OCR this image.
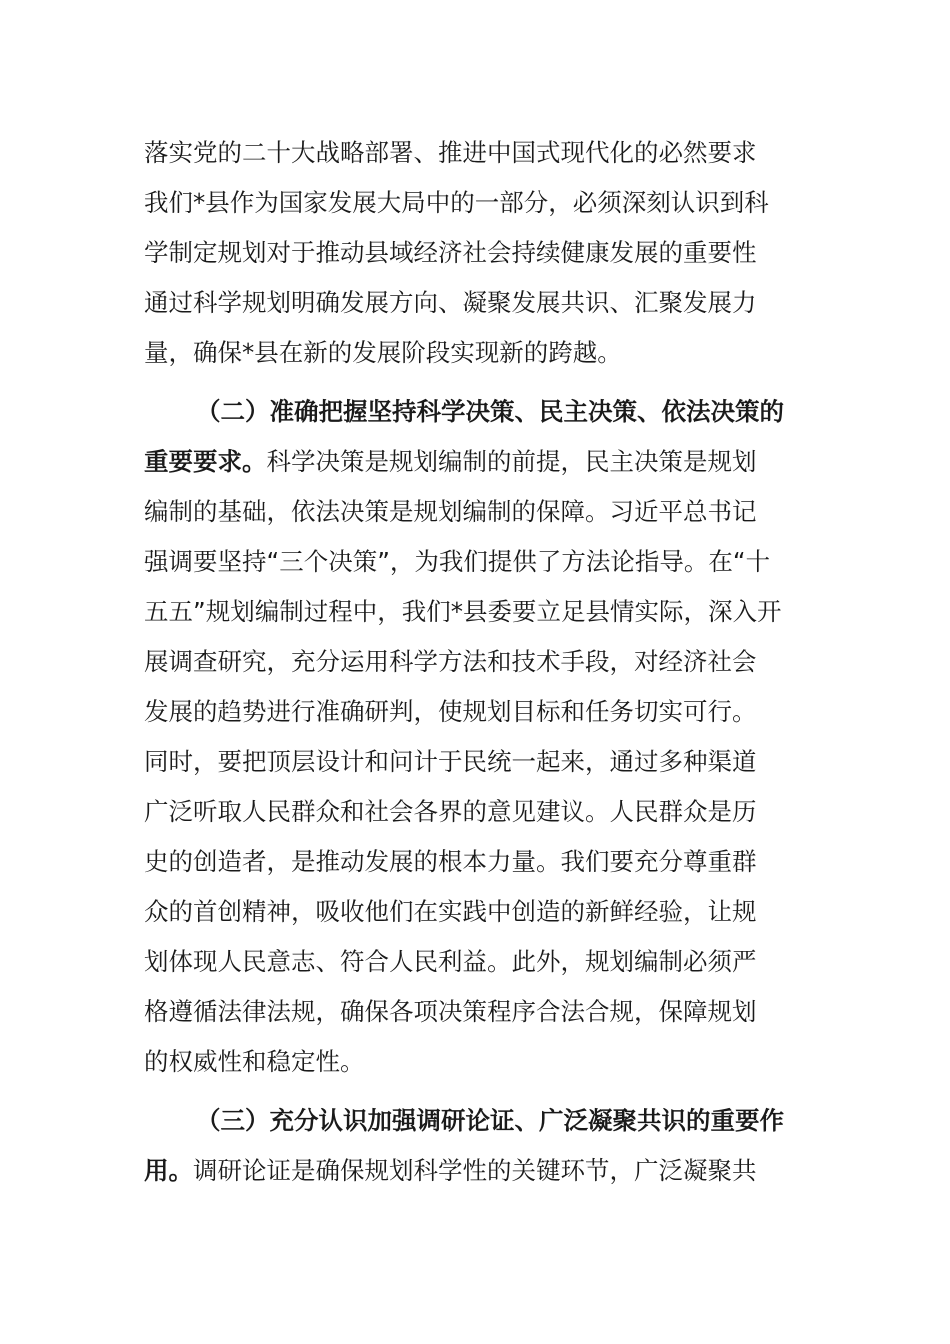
落实党的二十大战略部署、推进中国式现代化的必然要求
我们*县作为国家发展大局中的一部分，必须深刻认识到科
学制定规划对于推动县域经济社会持续健康发展的重要性
通过科学规划明确发展方向、凝聚发展共识、汇聚发展力
量，确保*县在新的发展阶段实现新的跨越。
（二）准确把握坚持科学决策、民主决策、依法决策的
重要要求。科学决策是规划编制的前提，民主决策是规划
编制的基础，依法决策是规划编制的保障。习近平总书记
强调要坚持“三个决策”，为我们提供了方法论指导。在“十
五五”规划编制过程中，我们*县委要立足县情实际，深入开
展调查研究，充分运用科学方法和技术手段，对经济社会
发展的趋势进行准确研判，使规划目标和任务切实可行。
同时，要把顶层设计和问计于民统一起来，通过多种渠道
广泛听取人民群众和社会各界的意见建议。人民群众是历
史的创造者，是推动发展的根本力量。我们要充分尊重群
众的首创精神，吸收他们在实践中创造的新鲜经验，让规
划体现人民意志、符合人民利益。此外，规划编制必须严
格遵循法律法规，确保各项决策程序合法合规，保障规划
的权威性和稳定性。
（三）充分认识加强调研论证、广泛凝聚共识的重要作
用。调研论证是确保规划科学性的关键环节，广泛凝聚共
